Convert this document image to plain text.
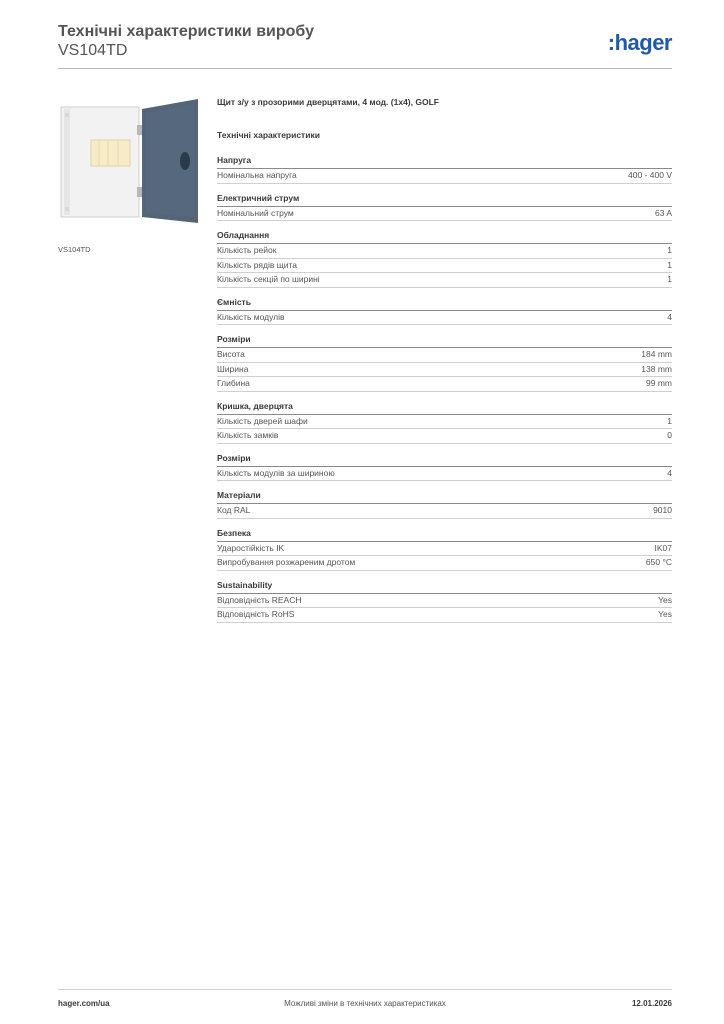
Технічні характеристики виробу
VS104TD	:hager
VS104TD
Щит з/у з прозорими дверцятами, 4 мод. (1x4), GOLF
Технічні характеристики
Напруга
Номінальна напруга	400 - 400 V
Електричний струм
Номінальний струм	63 A
Обладнання
Кількість рейок	1
Кількість рядів щита	1
Кількість секцій по ширині	1
Ємність
Кількість модулів	4
Розміри
Висота	184 mm
Ширина	138 mm
Глибина	99 mm
Кришка, дверцята
Кількість дверей шафи	1
Кількість замків	0
Розміри
Кількість модулів за шириною	4
Матеріали
Код RAL	9010
Безпека
Ударостійкість IK	IK07
Випробування розжареним дротом	650 °C
Sustainability
Відповідність REACH	Yes
Відповідність RoHS	Yes
hager.com/ua	Можливі зміни в технічних характеристиках	12.01.2026
